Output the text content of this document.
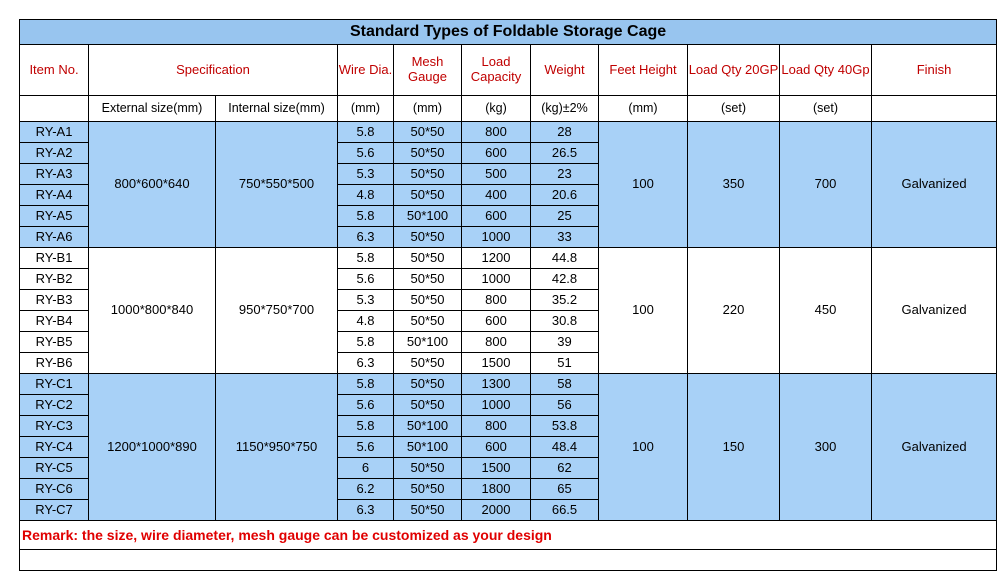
Standard Types of Foldable Storage Cage										
Item No.	Specification		Wire Dia.	Mesh Gauge	Load Capacity	Weight	Feet Height	Load Qty 20GP	Load Qty 40Gp	Finish
	External size(mm)	Internal size(mm)	(mm)	(mm)	(kg)	(kg)±2%	(mm)	(set)	(set)	
RY-A1	800*600*640	750*550*500	5.8	50*50	800	28	100	350	700	Galvanized
RY-A2			5.6	50*50	600	26.5				
RY-A3			5.3	50*50	500	23				
RY-A4			4.8	50*50	400	20.6				
RY-A5			5.8	50*100	600	25				
RY-A6			6.3	50*50	1000	33				
RY-B1	1000*800*840	950*750*700	5.8	50*50	1200	44.8	100	220	450	Galvanized
RY-B2			5.6	50*50	1000	42.8				
RY-B3			5.3	50*50	800	35.2				
RY-B4			4.8	50*50	600	30.8				
RY-B5			5.8	50*100	800	39				
RY-B6			6.3	50*50	1500	51				
RY-C1	1200*1000*890	1150*950*750	5.8	50*50	1300	58	100	150	300	Galvanized
RY-C2			5.6	50*50	1000	56				
RY-C3			5.8	50*100	800	53.8				
RY-C4			5.6	50*100	600	48.4				
RY-C5			6	50*50	1500	62				
RY-C6			6.2	50*50	1800	65				
RY-C7			6.3	50*50	2000	66.5				
Remark: the size, wire diameter, mesh gauge can be customized as your design										
